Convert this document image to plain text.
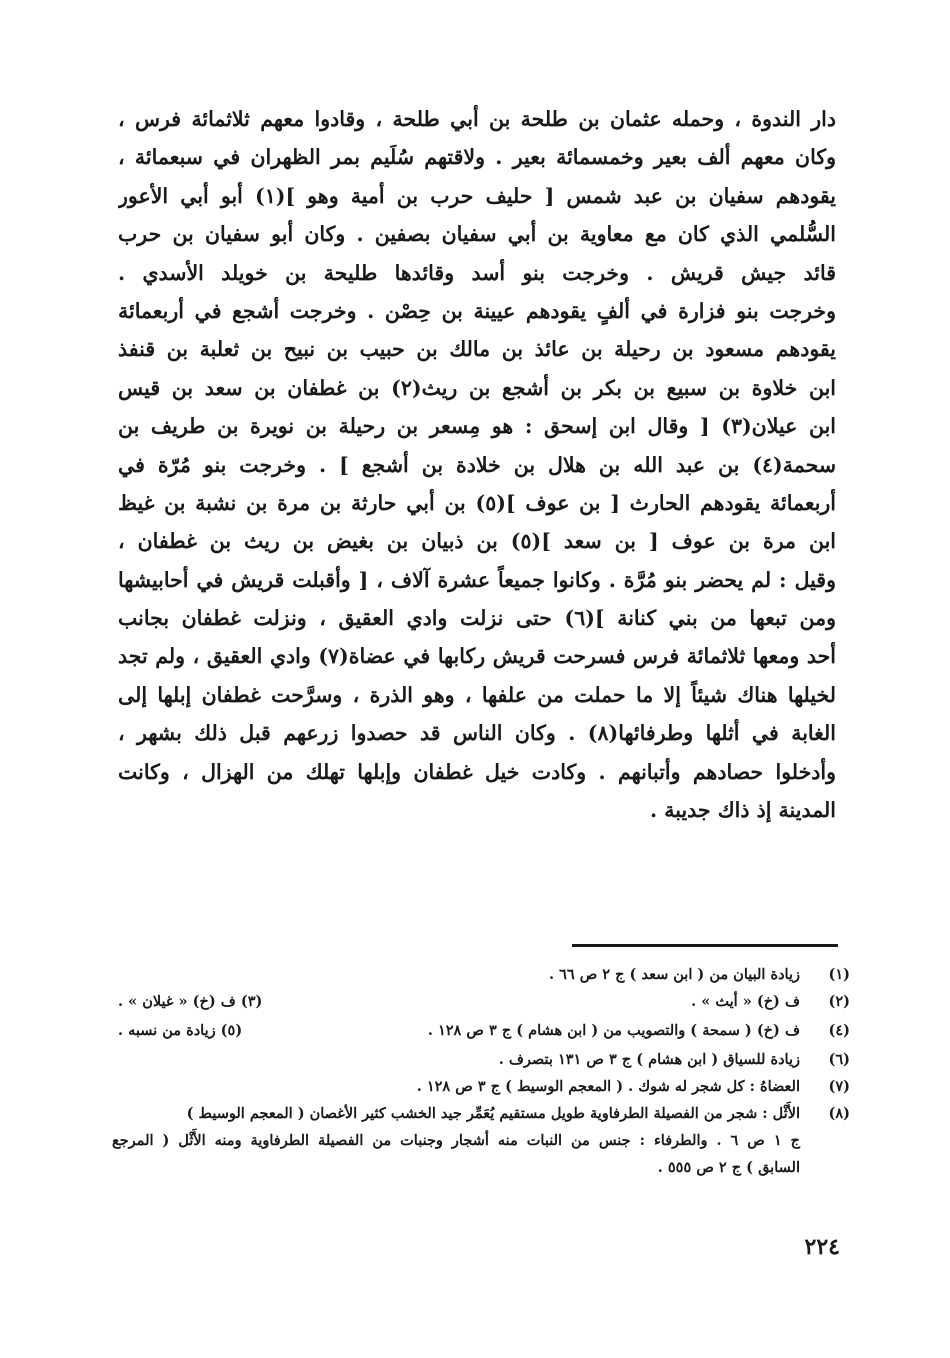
دار الندوة ، وحمله عثمان بن طلحة بن أبي طلحة ، وقادوا معهم ثلاثمائة فرس ،
وكان معهم ألف بعير وخمسمائة بعير . ولاقتهم سُلَيم بمر الظهران في سبعمائة ،
يقودهم سفيان بن عبد شمس [ حليف حرب بن أمية وهو ](١) أبو أبي الأعور
السُّلمي الذي كان مع معاوية بن أبي سفيان بصفين . وكان أبو سفيان بن حرب
قائد جيش قريش . وخرجت بنو أسد وقائدها طليحة بن خويلد الأسدي .
وخرجت بنو فزارة في ألفٍ يقودهم عيينة بن حِصْن . وخرجت أشجع في أربعمائة
يقودهم مسعود بن رحيلة بن عائذ بن مالك بن حبيب بن نبيح بن ثعلبة بن قنفذ
ابن خلاوة بن سبيع بن بكر بن أشجع بن ريث(٢) بن غطفان بن سعد بن قيس
ابن عيلان(٣) [ وقال ابن إسحق : هو مِسعر بن رحيلة بن نويرة بن طريف بن
سحمة(٤) بن عبد الله بن هلال بن خلادة بن أشجع ] . وخرجت بنو مُرّة في
أربعمائة يقودهم الحارث [ بن عوف ](٥) بن أبي حارثة بن مرة بن نشبة بن غيظ
ابن مرة بن عوف [ بن سعد ](٥) بن ذبيان بن بغيض بن ريث بن غطفان ،
وقيل : لم يحضر بنو مُرَّة . وكانوا جميعاً عشرة آلاف ، [ وأقبلت قريش في أحابيشها
ومن تبعها من بني كنانة ](٦) حتى نزلت وادي العقيق ، ونزلت غطفان بجانب
أحد ومعها ثلاثمائة فرس فسرحت قريش ركابها في عضاة(٧) وادي العقيق ، ولم تجد
لخيلها هناك شيئاً إلا ما حملت من علفها ، وهو الذرة ، وسرَّحت غطفان إبلها إلى
الغابة في أثلها وطرفائها(٨) . وكان الناس قد حصدوا زرعهم قبل ذلك بشهر ،
وأدخلوا حصادهم وأتبانهم . وكادت خيل غطفان وإبلها تهلك من الهزال ، وكانت
المدينة إذ ذاك جديبة .
(١)
زيادة البيان من ( ابن سعد ) ج ٢ ص ٦٦ .
(٢)
ف (خ) « أيث » .
(٣) ف (خ) « غيلان » .
(٤)
ف (خ) ( سمحة ) والتصويب من ( ابن هشام ) ج ٣ ص ١٢٨ .
(٥) زيادة من نسبه .
(٦)
زيادة للسياق ( ابن هشام ) ج ٣ ص ١٣١ بتصرف .
(٧)
العضاهُ : كل شجر له شوك . ( المعجم الوسيط ) ج ٣ ص ١٢٨ .
(٨)
الأَثْل : شجر من الفصيلة الطرفاوية طويل مستقيم يُعَمِّر جيد الخشب كثير الأغصان ( المعجم الوسيط )
ج ١ ص ٦ . والطرفاء : جنس من النبات منه أشجار وجنبات من الفصيلة الطرفاوية ومنه الأَثْل ( المرجع
السابق ) ج ٢ ص ٥٥٥ .
٢٢٤
